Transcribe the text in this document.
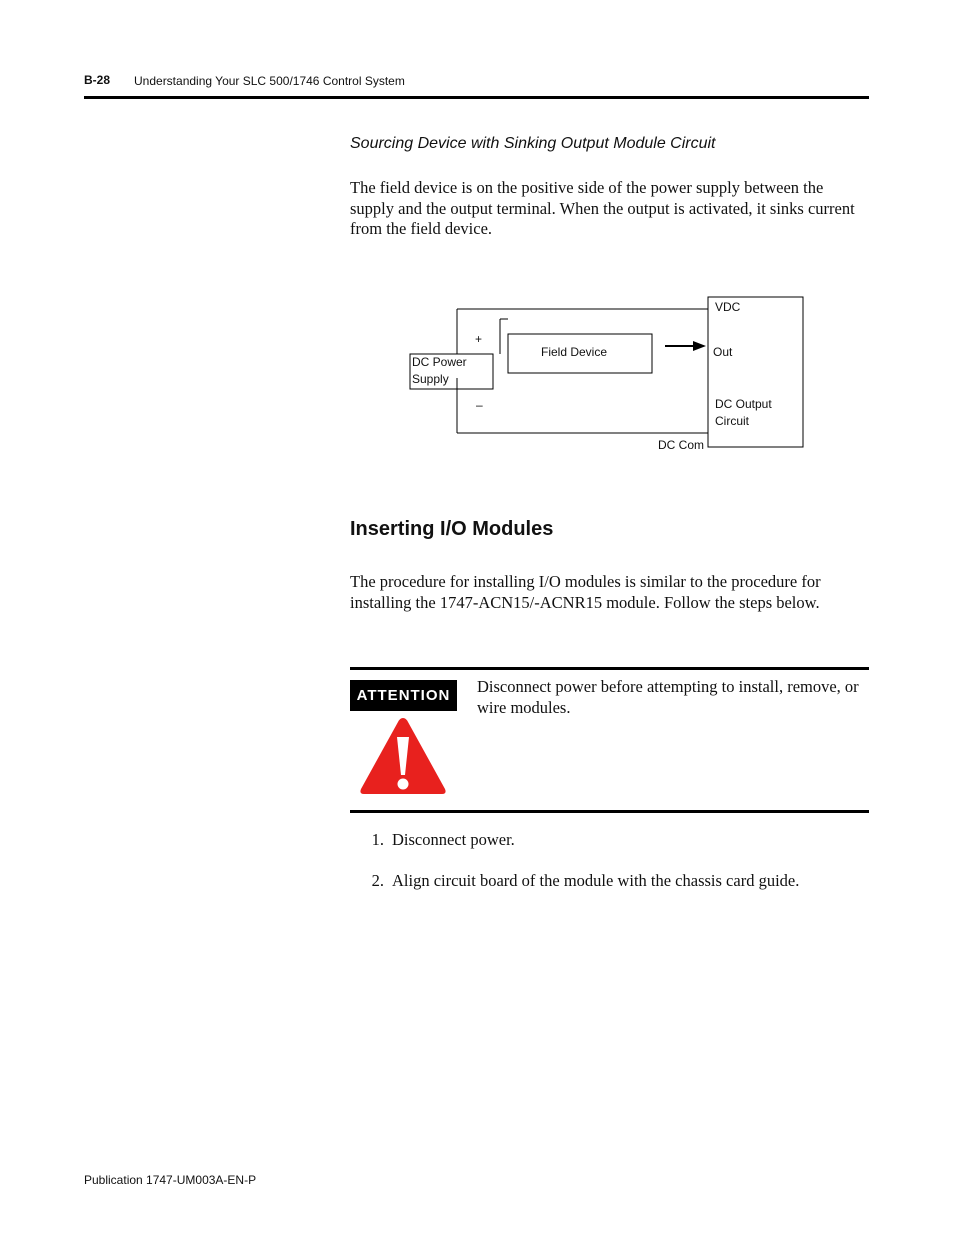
B-28 Understanding Your SLC 500/1746 Control System
Sourcing Device with Sinking Output Module Circuit
The field device is on the positive side of the power supply between the supply and the output terminal. When the output is activated, it sinks current from the field device.
+
–
DC Power
Supply
Field Device
VDC
Out
DC Output
Circuit
DC Com
Inserting I/O Modules
The procedure for installing I/O modules is similar to the procedure for installing the 1747-ACN15/-ACNR15 module. Follow the steps below.
ATTENTION	Disconnect power before attempting to install, remove, or wire modules.
1. Disconnect power.
2. Align circuit board of the module with the chassis card guide.
Publication 1747-UM003A-EN-P
